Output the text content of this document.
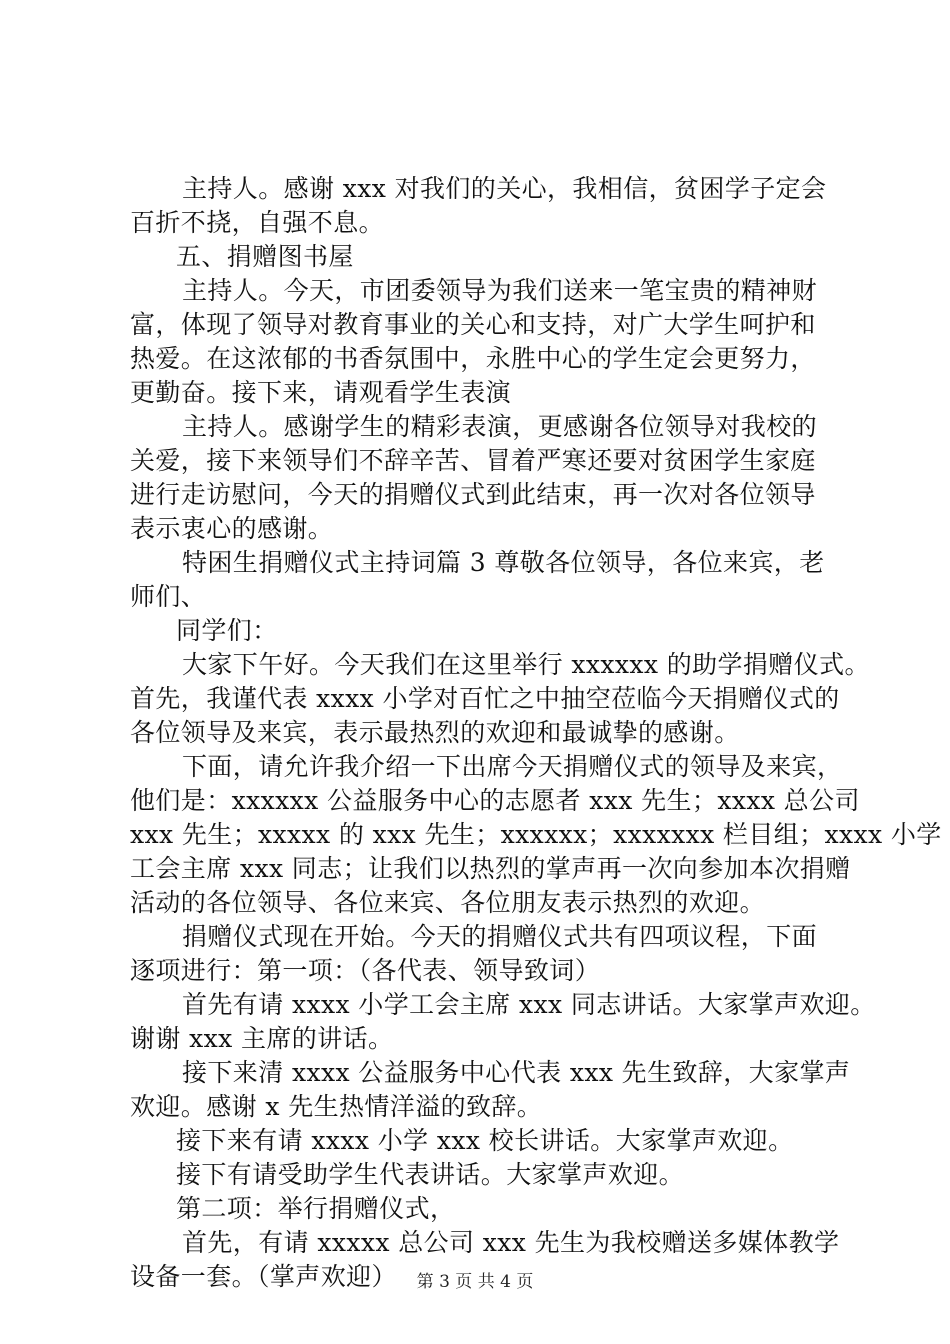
主持人。感谢 xxx 对我们的关心，我相信，贫困学子定会
百折不挠，自强不息。
五、捐赠图书屋
主持人。今天，市团委领导为我们送来一笔宝贵的精神财
富，体现了领导对教育事业的关心和支持，对广大学生呵护和
热爱。在这浓郁的书香氛围中，永胜中心的学生定会更努力，
更勤奋。接下来，请观看学生表演
主持人。感谢学生的精彩表演，更感谢各位领导对我校的
关爱，接下来领导们不辞辛苦、冒着严寒还要对贫困学生家庭
进行走访慰问，今天的捐赠仪式到此结束，再一次对各位领导
表示衷心的感谢。
特困生捐赠仪式主持词篇 3 尊敬各位领导，各位来宾，老
师们、
同学们：
大家下午好。今天我们在这里举行 xxxxxx 的助学捐赠仪式。
首先，我谨代表 xxxx 小学对百忙之中抽空莅临今天捐赠仪式的
各位领导及来宾，表示最热烈的欢迎和最诚挚的感谢。
下面，请允许我介绍一下出席今天捐赠仪式的领导及来宾，
他们是：xxxxxx 公益服务中心的志愿者 xxx 先生；xxxx 总公司
xxx 先生；xxxxx 的 xxx 先生；xxxxxx；xxxxxxx 栏目组；xxxx 小学
工会主席 xxx 同志；让我们以热烈的掌声再一次向参加本次捐赠
活动的各位领导、各位来宾、各位朋友表示热烈的欢迎。
捐赠仪式现在开始。今天的捐赠仪式共有四项议程，下面
逐项进行：第一项：（各代表、领导致词）
首先有请 xxxx 小学工会主席 xxx 同志讲话。大家掌声欢迎。
谢谢 xxx 主席的讲话。
接下来清 xxxx 公益服务中心代表 xxx 先生致辞，大家掌声
欢迎。感谢 x 先生热情洋溢的致辞。
接下来有请 xxxx 小学 xxx 校长讲话。大家掌声欢迎。
接下有请受助学生代表讲话。大家掌声欢迎。
第二项：举行捐赠仪式，
首先，有请 xxxxx 总公司 xxx 先生为我校赠送多媒体教学
设备一套。（掌声欢迎）	第 3 页 共 4 页
